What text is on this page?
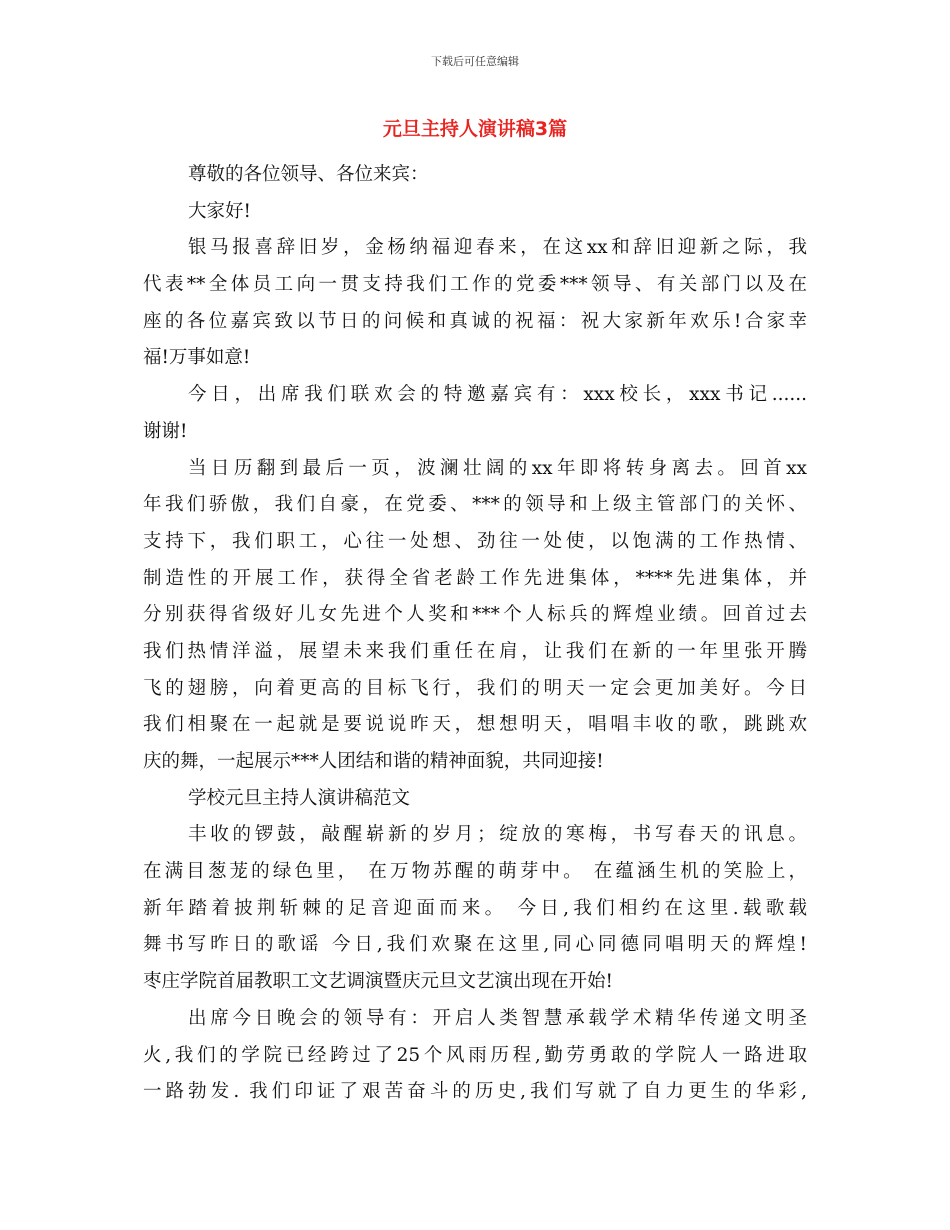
下载后可任意编辑
元旦主持人演讲稿3篇
尊敬的各位领导、各位来宾：
大家好!
银马报喜辞旧岁，金杨纳福迎春来，在这xx和辞旧迎新之际，我
代表**全体员工向一贯支持我们工作的党委***领导、有关部门以及在
座的各位嘉宾致以节日的问候和真诚的祝福：祝大家新年欢乐!合家幸
福!万事如意!
今日，出席我们联欢会的特邀嘉宾有：xxx校长，xxx书记......
谢谢!
当日历翻到最后一页，波澜壮阔的xx年即将转身离去。回首xx
年我们骄傲，我们自豪，在党委、***的领导和上级主管部门的关怀、
支持下，我们职工，心往一处想、劲往一处使，以饱满的工作热情、
制造性的开展工作，获得全省老龄工作先进集体，****先进集体，并
分别获得省级好儿女先进个人奖和***个人标兵的辉煌业绩。回首过去
我们热情洋溢，展望未来我们重任在肩，让我们在新的一年里张开腾
飞的翅膀，向着更高的目标飞行，我们的明天一定会更加美好。今日
我们相聚在一起就是要说说昨天，想想明天，唱唱丰收的歌，跳跳欢
庆的舞，一起展示***人团结和谐的精神面貌，共同迎接!
学校元旦主持人演讲稿范文
丰收的锣鼓，敲醒崭新的岁月；绽放的寒梅，书写春天的讯息。
在满目葱茏的绿色里， 在万物苏醒的萌芽中。 在蕴涵生机的笑脸上，
新年踏着披荆斩棘的足音迎面而来。 今日,我们相约在这里.载歌载
舞书写昨日的歌谣 今日,我们欢聚在这里,同心同德同唱明天的辉煌!
枣庄学院首届教职工文艺调演暨庆元旦文艺演出现在开始!
出席今日晚会的领导有：开启人类智慧承载学术精华传递文明圣
火,我们的学院已经跨过了25个风雨历程,勤劳勇敢的学院人一路进取
一路勃发. 我们印证了艰苦奋斗的历史,我们写就了自力更生的华彩,
